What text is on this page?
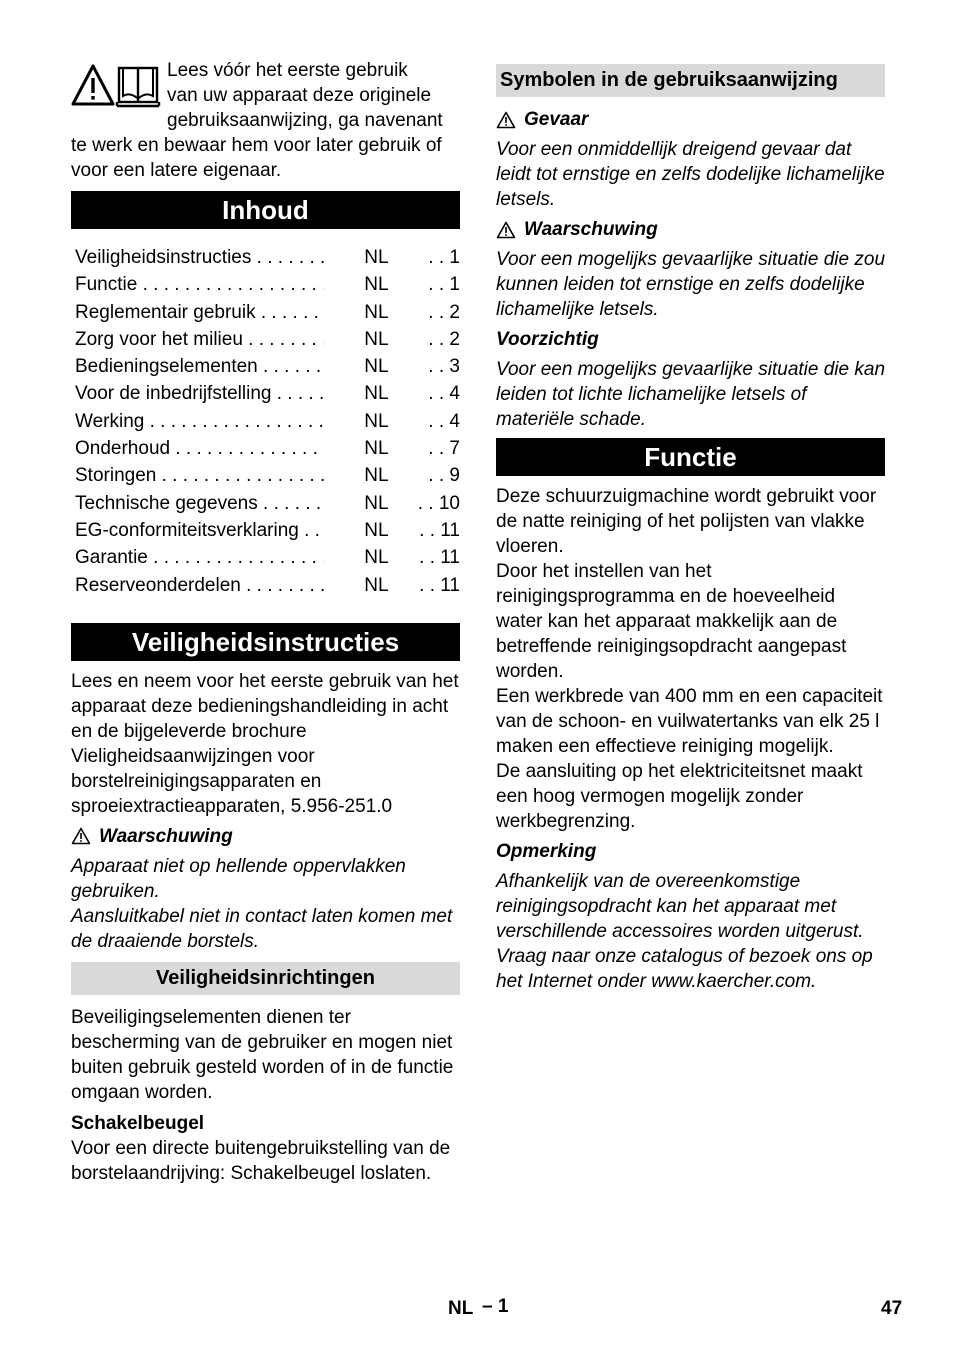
Lees vóór het eerste gebruik
van uw apparaat deze originele gebruiksaanwijzing, ga navenant te werk en bewaar hem voor later gebruik of voor een latere eigenaar.

Inhoud
Veiligheidsinstructies . . .	NL	. . 1
Functie . . .	NL	. . 1
Reglementair gebruik . . .	NL	. . 2
Zorg voor het milieu . . .	NL	. . 2
Bedieningselementen . . .	NL	. . 3
Voor de inbedrijfstelling . . .	NL	. . 4
Werking . . .	NL	. . 4
Onderhoud . . .	NL	. . 7
Storingen . . .	NL	. . 9
Technische gegevens . . .	NL	. . 10
EG-conformiteitsverklaring . . .	NL	. . 11
Garantie . . .	NL	. . 11
Reserveonderdelen . . .	NL	. . 11
Veiligheidsinstructies

Lees en neem voor het eerste gebruik van het apparaat deze bedieningshandleiding in acht en de bijgeleverde brochure Vieligheidsaanwijzingen voor borstelreinigingsapparaten en sproeiextractieapparaten, 5.956-251.0

Waarschuwing

Apparaat niet op hellende oppervlakken gebruiken.

Aansluitkabel niet in contact laten komen met de draaiende borstels.

Veiligheidsinrichtingen

Beveiligingselementen dienen ter bescherming van de gebruiker en mogen niet buiten gebruik gesteld worden of in de functie omgaan worden.

Schakelbeugel

Voor een directe buitengebruikstelling van de borstelaandrijving: Schakelbeugel loslaten.

Symbolen in de gebruiksaanwijzing
Gevaar

Voor een onmiddellijk dreigend gevaar dat leidt tot ernstige en zelfs dodelijke lichamelijke letsels.

Waarschuwing

Voor een mogelijks gevaarlijke situatie die zou kunnen leiden tot ernstige en zelfs dodelijke lichamelijke letsels.

Voorzichtig

Voor een mogelijks gevaarlijke situatie die kan leiden tot lichte lichamelijke letsels of materiële schade.

Functie

Deze schuurzuigmachine wordt gebruikt voor de natte reiniging of het polijsten van vlakke vloeren.

Door het instellen van het reinigingsprogramma en de hoeveelheid water kan het apparaat makkelijk aan de betreffende reinigingsopdracht aangepast worden.

Een werkbrede van 400 mm en een capaciteit van de schoon- en vuilwatertanks van elk 25 l maken een effectieve reiniging mogelijk.

De aansluiting op het elektriciteitsnet maakt een hoog vermogen mogelijk zonder werkbegrenzing.

Opmerking

Afhankelijk van de overeenkomstige reinigingsopdracht kan het apparaat met verschillende accessoires worden uitgerust. Vraag naar onze catalogus of bezoek ons op het Internet onder www.kaercher.com.

NL – 1	47
